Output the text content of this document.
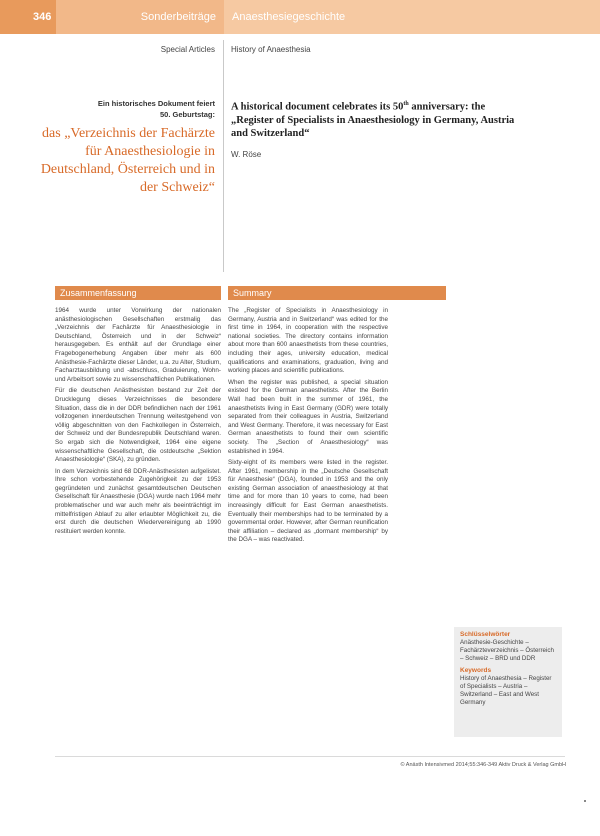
346	Sonderbeiträge	Anaesthesiegeschichte
Special Articles History of Anaesthesia
Ein historisches Dokument feiert
50. Geburtstag:
das „Verzeichnis der Fachärzte für Anaesthesiologie in Deutschland, Österreich und in der Schweiz“
A historical document celebrates its 50th anniversary: the „Register of Specialists in Anaesthesiology in Germany, Austria and Switzerland“
W. Röse
Zusammenfassung	Summary

1964 wurde unter Vorwirkung der nationalen anästhesiologischen Gesellschaften erstmalig das „Verzeichnis der Fachärzte für Anaesthesiologie in Deutschland, Österreich und in der Schweiz“ herausgegeben. Es enthält auf der Grundlage einer Fragebogenerhebung Angaben über mehr als 600 Anästhesie-Fachärzte dieser Länder, u.a. zu Alter, Studium, Facharztausbildung und -abschluss, Graduierung, Wohn- und Arbeitsort sowie zu wissenschaftlichen Publikationen.

Für die deutschen Anästhesisten bestand zur Zeit der Drucklegung dieses Verzeichnisses die besondere Situation, dass die in der DDR befindlichen nach der 1961 vollzogenen innerdeutschen Trennung weitestgehend von völlig abgeschnitten von den Fachkollegen in Österreich, der Schweiz und der Bundesrepublik Deutschland waren. So ergab sich die Notwendigkeit, 1964 eine eigene wissenschaftliche Gesellschaft, die ostdeutsche „Sektion Anaesthesiologie“ (SKA), zu gründen.

In dem Verzeichnis sind 68 DDR-Anästhesisten aufgelistet. Ihre schon vorbestehende Zugehörigkeit zu der 1953 gegründeten und zunächst gesamtdeutschen Deutschen Gesellschaft für Anaesthesie (DGA) wurde nach 1964 mehr problematischer und war auch mehr als beeinträchtigt im mittelfristigen Ablauf zu aller erlaubter Möglichkeit zu, die erst durch die deutschen Wiedervereinigung ab 1990 restituiert werden konnte.

The „Register of Specialists in Anaesthesiology in Germany, Austria and in Switzerland“ was edited for the first time in 1964, in cooperation with the respective national societies. The directory contains information about more than 600 anaesthetists from these countries, including their ages, university education, medical qualifications and examinations, graduation, living and working places and scientific publications.

When the register was published, a special situation existed for the German anaesthetists. After the Berlin Wall had been built in the summer of 1961, the anaesthetists living in East Germany (GDR) were totally separated from their colleagues in Austria, Switzerland and West Germany. Therefore, it was necessary for East German anaesthetists to found their own scientific society. The „Section of Anaesthesiology“ was established in 1964.

Sixty-eight of its members were listed in the register. After 1961, membership in the „Deutsche Gesellschaft für Anaesthesie“ (DGA), founded in 1953 and the only existing German association of anaesthesiology at that time and for more than 10 years to come, had been increasingly difficult for East German anaesthetists. Eventually their memberships had to be terminated by a governmental order. However, after German reunification their affiliation – declared as „dormant membership“ by the DGA – was reactivated.

Schlüsselwörter
Anästhesie-Geschichte – Fachärzteverzeichnis – Österreich – Schweiz – BRD und DDR
Keywords
History of Anaesthesia – Register of Specialists – Austria – Switzerland – East and West Germany
© Anästh Intensivmed 2014;55:346-349 Aktiv Druck & Verlag GmbH
